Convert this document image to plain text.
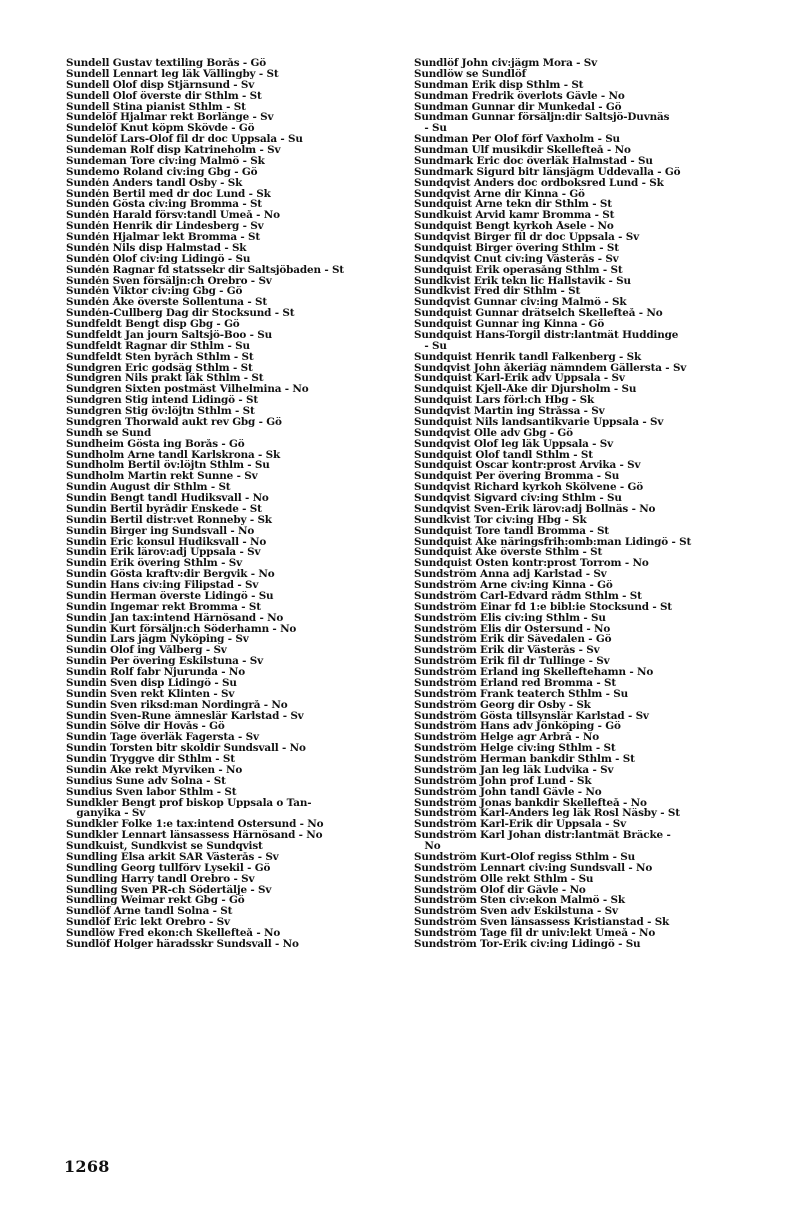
Sundell Gustav textiling Borås - Gö
Sundell Lennart leg läk Vällingby - St
Sundell Olof disp Stjärnsund - Sv
Sundell Olof överste dir Sthlm - St
Sundell Stina pianist Sthlm - St
Sundelöf Hjalmar rekt Borlänge - Sv
Sundelöf Knut köpm Skövde - Gö
Sundelöf Lars-Olof fil dr doc Uppsala - Su
Sundeman Rolf disp Katrineholm - Sv
Sundeman Tore civ:ing Malmö - Sk
Sundemo Roland civ:ing Gbg - Gö
Sundén Anders tandl Osby - Sk
Sundén Bertil med dr doc Lund - Sk
Sundén Gösta civ:ing Bromma - St
Sundén Harald försv:tandl Umeå - No
Sundén Henrik dir Lindesberg - Sv
Sundén Hjalmar lekt Bromma - St
Sundén Nils disp Halmstad - Sk
Sundén Olof civ:ing Lidingö - Su
Sundén Ragnar fd statssekr dir Saltsjöbaden - St
Sundén Sven försäljn:ch Örebro - Sv
Sundén Viktor civ:ing Gbg - Gö
Sundén Åke överste Sollentuna - St
Sundén-Cullberg Dag dir Stocksund - St
Sundfeldt Bengt disp Gbg - Gö
Sundfeldt Jan journ Saltsjö-Boo - Su
Sundfeldt Ragnar dir Sthlm - Su
Sundfeldt Sten byråch Sthlm - St
Sundgren Eric godsäg Sthlm - St
Sundgren Nils prakt läk Sthlm - St
Sundgren Sixten postmäst Vilhelmina - No
Sundgren Stig intend Lidingö - St
Sundgren Stig öv:löjtn Sthlm - St
Sundgren Thorwald aukt rev Gbg - Gö
Sundh se Sund
Sundheim Gösta ing Borås - Gö
Sundholm Arne tandl Karlskrona - Sk
Sundholm Bertil öv:löjtn Sthlm - Su
Sundholm Martin rekt Sunne - Sv
Sundin August dir Sthlm - St
Sundin Bengt tandl Hudiksvall - No
Sundin Bertil byrådir Enskede - St
Sundin Bertil distr:vet Ronneby - Sk
Sundin Birger ing Sundsvall - No
Sundin Eric konsul Hudiksvall - No
Sundin Erik lärov:adj Uppsala - Sv
Sundin Erik övering Sthlm - Sv
Sundin Gösta kraftv:dir Bergvik - No
Sundin Hans civ:ing Filipstad - Sv
Sundin Herman överste Lidingö - Su
Sundin Ingemar rekt Bromma - St
Sundin Jan tax:intend Härnösand - No
Sundin Kurt försäljn:ch Söderhamn - No
Sundin Lars jägm Nyköping - Sv
Sundin Olof ing Vålberg - Sv
Sundin Per övering Eskilstuna - Sv
Sundin Rolf fabr Njurunda - No
Sundin Sven disp Lidingö - Su
Sundin Sven rekt Klinten - Sv
Sundin Sven riksd:man Nordingrå - No
Sundin Sven-Rune ämneslär Karlstad - Sv
Sundin Sölve dir Hovås - Gö
Sundin Tage överläk Fagersta - Sv
Sundin Torsten bitr skoldir Sundsvall - No
Sundin Tryggve dir Sthlm - St
Sundin Åke rekt Myrviken - No
Sundius Sune adv Solna - St
Sundius Sven labor Sthlm - St
Sundkler Bengt prof biskop Uppsala o Tan-
ganyika - Sv
Sundkler Folke 1:e tax:intend Östersund - No
Sundkler Lennart länsassess Härnösand - No
Sundkuist, Sundkvist se Sundqvist
Sundling Elsa arkit SAR Västerås - Sv
Sundling Georg tullförv Lysekil - Gö
Sundling Harry tandl Örebro - Sv
Sundling Sven PR-ch Södertälje - Sv
Sundling Weimar rekt Gbg - Gö
Sundlöf Arne tandl Solna - St
Sundlöf Eric lekt Örebro - Sv
Sundlöw Fred ekon:ch Skellefteå - No
Sundlöf Holger häradsskr Sundsvall - No
Sundlöf John civ:jägm Mora - Sv
Sundlöw se Sundlöf
Sundman Erik disp Sthlm - St
Sundman Fredrik överlots Gävle - No
Sundman Gunnar dir Munkedal - Gö
Sundman Gunnar försäljn:dir Saltsjö-Duvnäs
- Su
Sundman Per Olof förf Vaxholm - Su
Sundman Ulf musikdir Skellefteå - No
Sundmark Eric doc överläk Halmstad - Su
Sundmark Sigurd bitr länsjägm Uddevalla - Gö
Sundqvist Anders doc ordboksred Lund - Sk
Sundqvist Arne dir Kinna - Gö
Sundquist Arne tekn dir Sthlm - St
Sundkuist Arvid kamr Bromma - St
Sundquist Bengt kyrkoh Åsele - No
Sundqvist Birger fil dr doc Uppsala - Sv
Sundquist Birger övering Sthlm - St
Sundqvist Cnut civ:ing Västerås - Sv
Sundquist Erik operasång Sthlm - St
Sundkvist Erik tekn lic Hallstavik - Su
Sundkvist Fred dir Sthlm - St
Sundqvist Gunnar civ:ing Malmö - Sk
Sundquist Gunnar drätselch Skellefteå - No
Sundquist Gunnar ing Kinna - Gö
Sundquist Hans-Torgil distr:lantmät Huddinge
- Su
Sundquist Henrik tandl Falkenberg - Sk
Sundqvist John åkeriäg nämndem Gällersta - Sv
Sundquist Karl-Erik adv Uppsala - Sv
Sundquist Kjell-Åke dir Djursholm - Su
Sundquist Lars förl:ch Hbg - Sk
Sundqvist Martin ing Stråssa - Sv
Sundquist Nils landsantikvarie Uppsala - Sv
Sundqvist Olle adv Gbg - Gö
Sundqvist Olof leg läk Uppsala - Sv
Sundquist Olof tandl Sthlm - St
Sundquist Oscar kontr:prost Arvika - Sv
Sundquist Per övering Bromma - Su
Sundqvist Richard kyrkoh Skölvene - Gö
Sundqvist Sigvard civ:ing Sthlm - Su
Sundqvist Sven-Erik lärov:adj Bollnäs - No
Sundkvist Tor civ:ing Hbg - Sk
Sundquist Tore tandl Bromma - St
Sundquist Åke näringsfrih:omb:man Lidingö - St
Sundquist Åke överste Sthlm - St
Sundquist Östen kontr:prost Torrom - No
Sundström Anna adj Karlstad - Sv
Sundström Arne civ:ing Kinna - Gö
Sundström Carl-Edvard rådm Sthlm - St
Sundström Einar fd 1:e bibl:ie Stocksund - St
Sundström Elis civ:ing Sthlm - Su
Sundström Elis dir Östersund - No
Sundström Erik dir Sävedalen - Gö
Sundström Erik dir Västerås - Sv
Sundström Erik fil dr Tullinge - Sv
Sundström Erland ing Skelleftehamn - No
Sundström Erland red Bromma - St
Sundström Frank teaterch Sthlm - Su
Sundström Georg dir Osby - Sk
Sundström Gösta tillsynslär Karlstad - Sv
Sundström Hans adv Jönköping - Gö
Sundström Helge agr Arbrå - No
Sundström Helge civ:ing Sthlm - St
Sundström Herman bankdir Sthlm - St
Sundström Jan leg läk Ludvika - Sv
Sundström John prof Lund - Sk
Sundström John tandl Gävle - No
Sundström Jonas bankdir Skellefteå - No
Sundström Karl-Anders leg läk Rosl Näsby - St
Sundström Karl-Erik dir Uppsala - Sv
Sundström Karl Johan distr:lantmät Bräcke -
No
Sundström Kurt-Olof regiss Sthlm - Su
Sundström Lennart civ:ing Sundsvall - No
Sundström Olle rekt Sthlm - Su
Sundström Olof dir Gävle - No
Sundström Sten civ:ekon Malmö - Sk
Sundström Sven adv Eskilstuna - Sv
Sundström Sven länsassess Kristianstad - Sk
Sundström Tage fil dr univ:lekt Umeå - No
Sundström Tor-Erik civ:ing Lidingö - Su
1268
